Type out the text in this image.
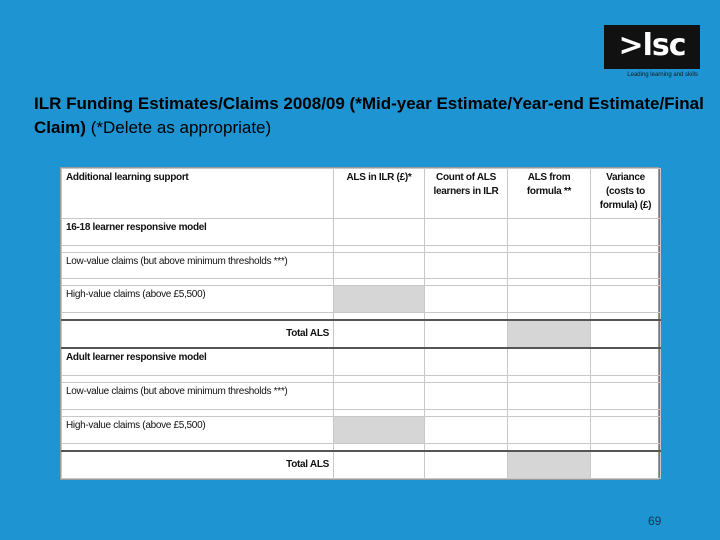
>lsc
Leading learning and skills
ILR Funding Estimates/Claims 2008/09 (*Mid-year Estimate/Year-end Estimate/Final Claim) (*Delete as appropriate)
Additional learning support	ALS in ILR (£)*	Count of ALS learners in ILR	ALS from formula **	Variance (costs to formula) (£)
16-18 learner responsive model				

Low-value claims (but above minimum thresholds ***)				

High-value claims (above £5,500)				

Total ALS				
Adult learner responsive model				

Low-value claims (but above minimum thresholds ***)				

High-value claims (above £5,500)				

Total ALS				
69
